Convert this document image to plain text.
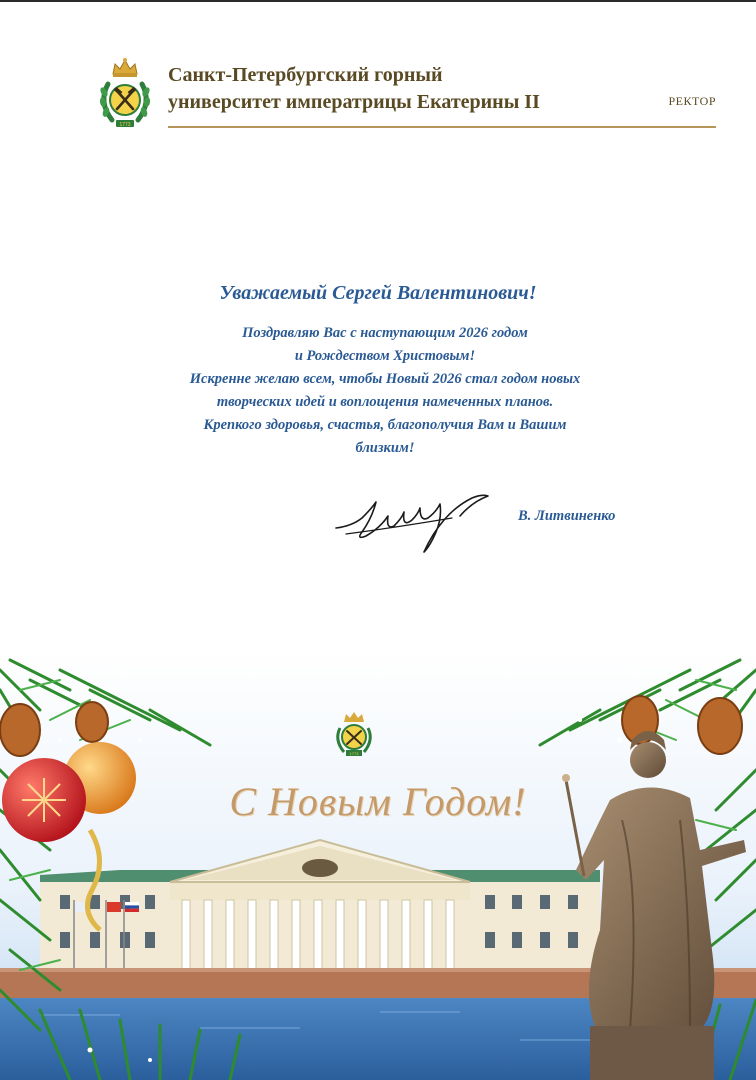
1773
Санкт-Петербургский горный
университет императрицы Екатерины II	РЕКТОР
Уважаемый Сергей Валентинович!
Поздравляю Вас с наступающим 2026 годом
и Рождеством Христовым!
Искренне желаю всем, чтобы Новый 2026 стал годом новых
творческих идей и воплощения намеченных планов.
Крепкого здоровья, счастья, благополучия Вам и Вашим
близким!
В. Литвиненко
1773
С Новым Годом!
